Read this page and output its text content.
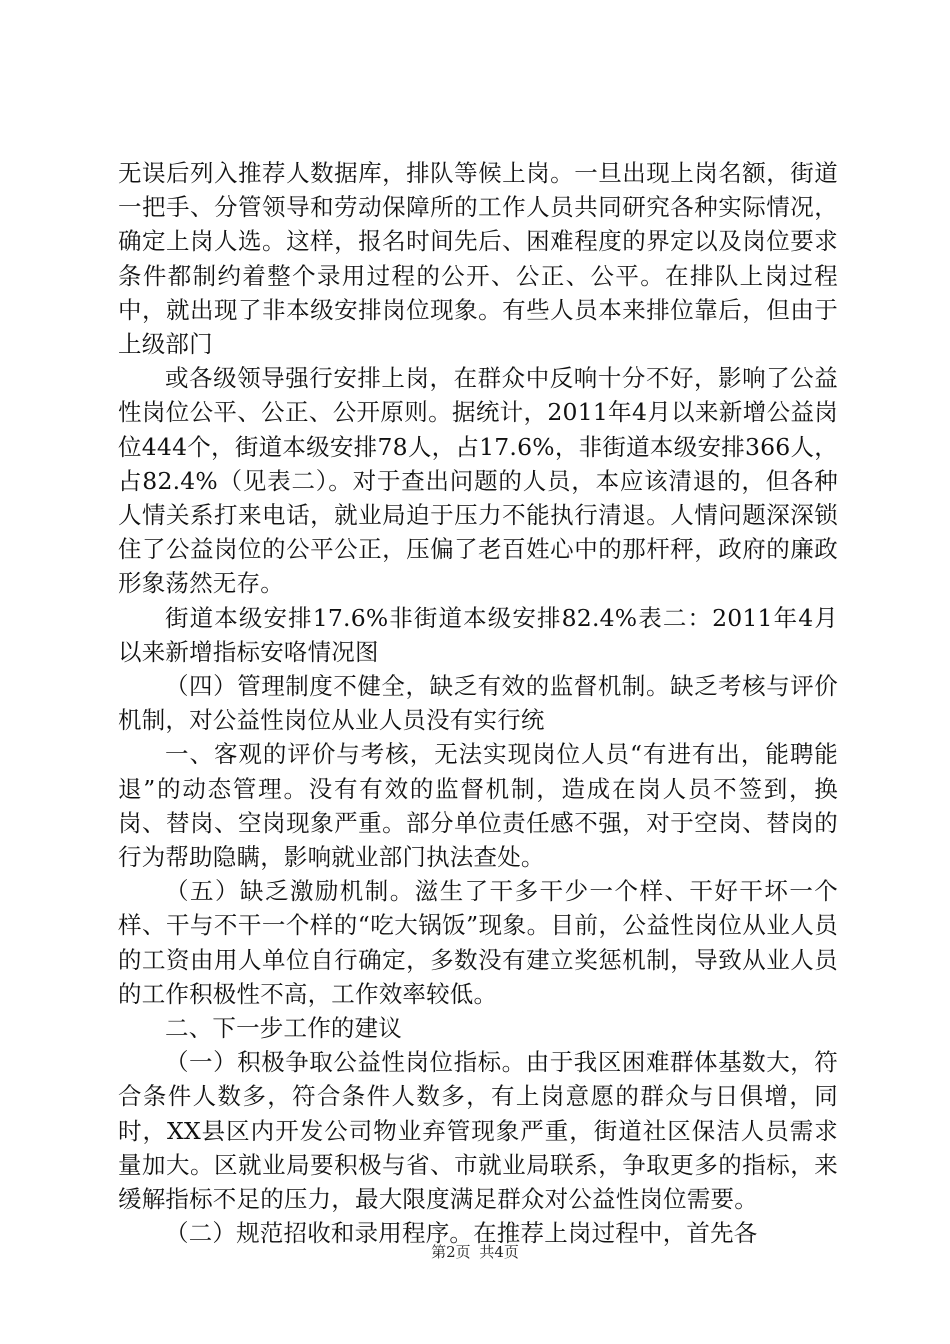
无误后列入推荐人数据库，排队等候上岗。一旦出现上岗名额，街道一把手、分管领导和劳动保障所的工作人员共同研究各种实际情况，确定上岗人选。这样，报名时间先后、困难程度的界定以及岗位要求条件都制约着整个录用过程的公开、公正、公平。在排队上岗过程中，就出现了非本级安排岗位现象。有些人员本来排位靠后，但由于上级部门

或各级领导强行安排上岗，在群众中反响十分不好，影响了公益性岗位公平、公正、公开原则。据统计，2011年4月以来新增公益岗位444个，街道本级安排78人，占17.6%，非街道本级安排366人，占82.4%（见表二）。对于查出问题的人员，本应该清退的，但各种人情关系打来电话，就业局迫于压力不能执行清退。人情问题深深锁住了公益岗位的公平公正，压偏了老百姓心中的那杆秤，政府的廉政形象荡然无存。

街道本级安排17.6%非街道本级安排82.4%表二：2011年4月以来新增指标安咯情况图

（四）管理制度不健全，缺乏有效的监督机制。缺乏考核与评价机制，对公益性岗位从业人员没有实行统

一、客观的评价与考核，无法实现岗位人员“有进有出，能聘能退”的动态管理。没有有效的监督机制，造成在岗人员不签到，换岗、替岗、空岗现象严重。部分单位责任感不强，对于空岗、替岗的行为帮助隐瞒，影响就业部门执法查处。

（五）缺乏激励机制。滋生了干多干少一个样、干好干坏一个样、干与不干一个样的“吃大锅饭”现象。目前，公益性岗位从业人员的工资由用人单位自行确定，多数没有建立奖惩机制，导致从业人员的工作积极性不高，工作效率较低。

二、下一步工作的建议

（一）积极争取公益性岗位指标。由于我区困难群体基数大，符合条件人数多，符合条件人数多，有上岗意愿的群众与日俱增，同时，XX县区内开发公司物业弃管现象严重，街道社区保洁人员需求量加大。区就业局要积极与省、市就业局联系，争取更多的指标，来缓解指标不足的压力，最大限度满足群众对公益性岗位需要。

（二）规范招收和录用程序。在推荐上岗过程中，首先各

第2页 共4页
